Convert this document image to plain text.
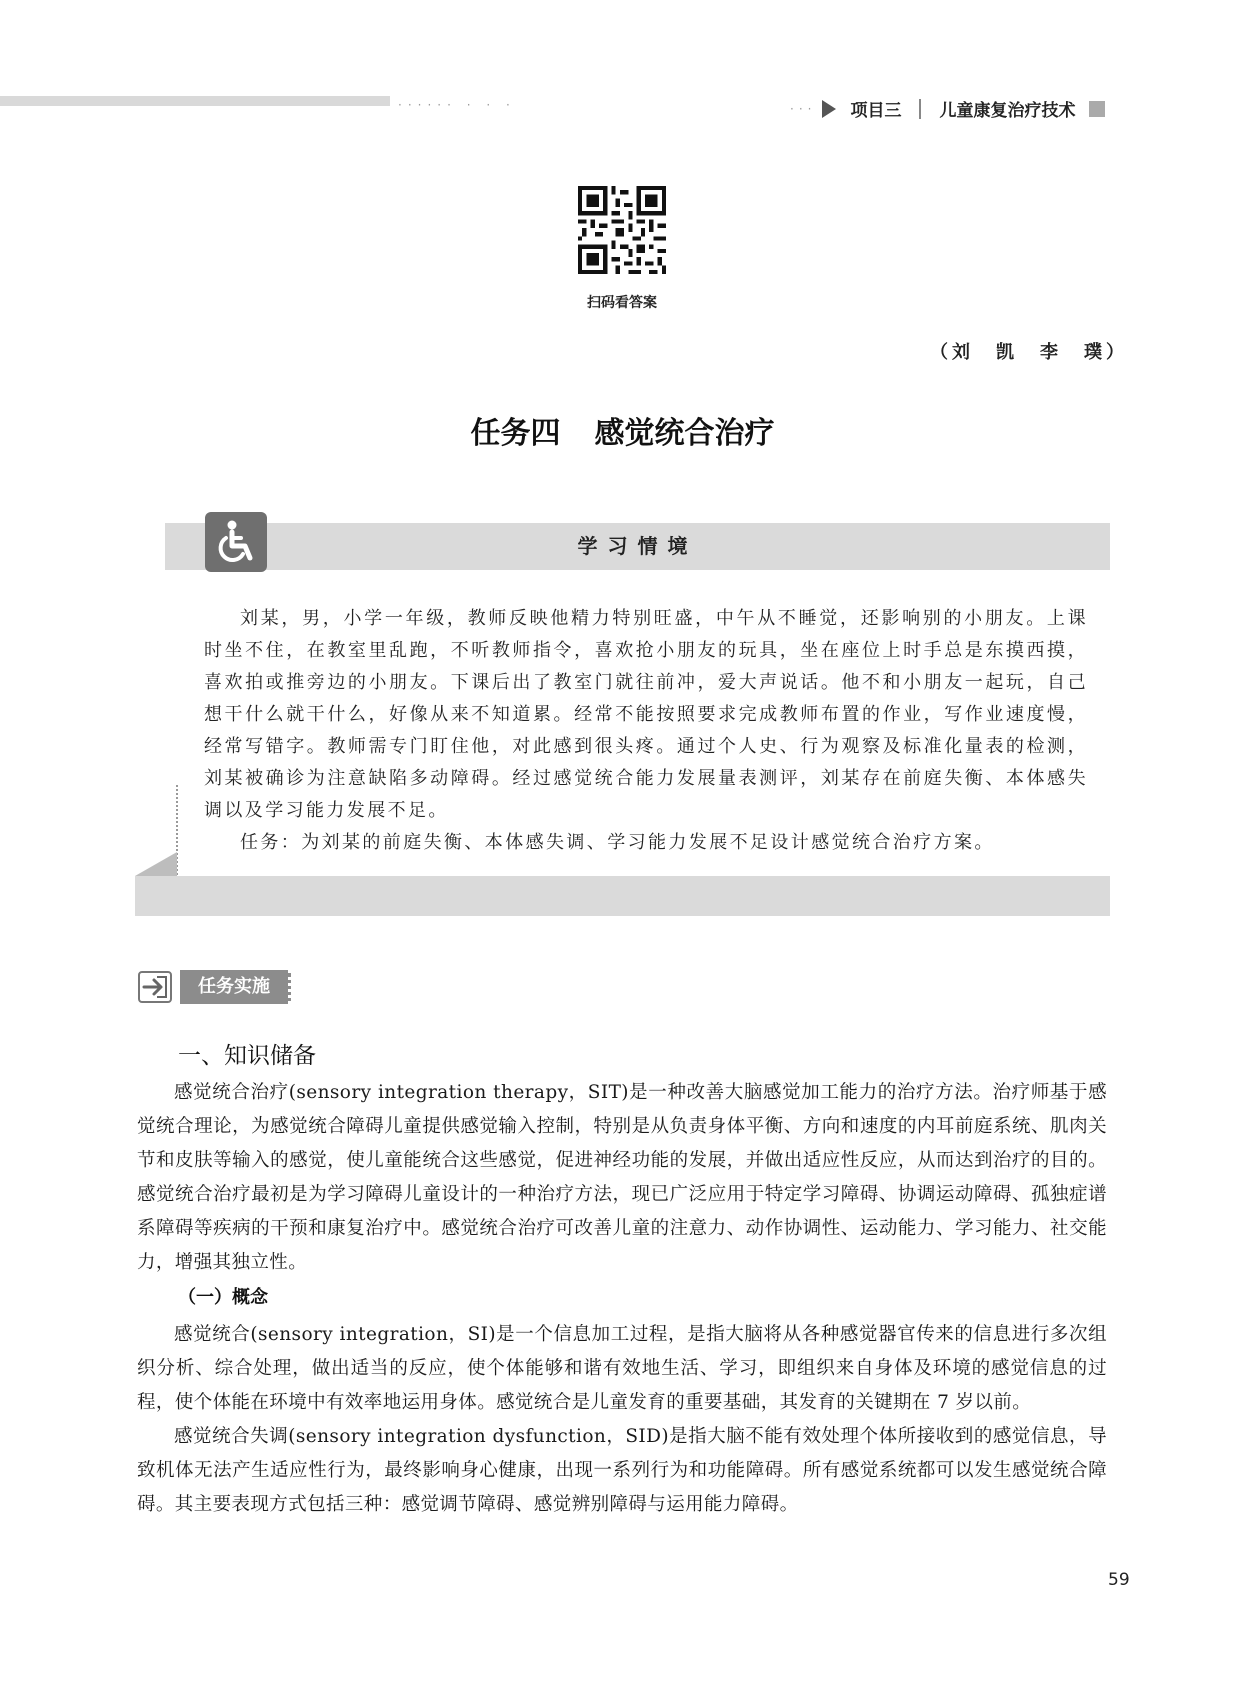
······ · · ·	··· 项目三 儿童康复治疗技术
扫码看答案
（刘　凯　李　璞）
任务四 感觉统合治疗
学习情境

刘某，男，小学一年级，教师反映他精力特别旺盛，中午从不睡觉，还影响别的小朋友。上课时坐不住，在教室里乱跑，不听教师指令，喜欢抢小朋友的玩具，坐在座位上时手总是东摸西摸，喜欢拍或推旁边的小朋友。下课后出了教室门就往前冲，爱大声说话。他不和小朋友一起玩，自己想干什么就干什么，好像从来不知道累。经常不能按照要求完成教师布置的作业，写作业速度慢，经常写错字。教师需专门盯住他，对此感到很头疼。通过个人史、行为观察及标准化量表的检测，刘某被确诊为注意缺陷多动障碍。经过感觉统合能力发展量表测评，刘某存在前庭失衡、本体感失调以及学习能力发展不足。

任务：为刘某的前庭失衡、本体感失调、学习能力发展不足设计感觉统合治疗方案。

任务实施
一、知识储备

感觉统合治疗(sensory integration therapy，SIT)是一种改善大脑感觉加工能力的治疗方法。治疗师基于感觉统合理论，为感觉统合障碍儿童提供感觉输入控制，特别是从负责身体平衡、方向和速度的内耳前庭系统、肌肉关节和皮肤等输入的感觉，使儿童能统合这些感觉，促进神经功能的发展，并做出适应性反应，从而达到治疗的目的。感觉统合治疗最初是为学习障碍儿童设计的一种治疗方法，现已广泛应用于特定学习障碍、协调运动障碍、孤独症谱系障碍等疾病的干预和康复治疗中。感觉统合治疗可改善儿童的注意力、动作协调性、运动能力、学习能力、社交能力，增强其独立性。

（一）概念

感觉统合(sensory integration，SI)是一个信息加工过程，是指大脑将从各种感觉器官传来的信息进行多次组织分析、综合处理，做出适当的反应，使个体能够和谐有效地生活、学习，即组织来自身体及环境的感觉信息的过程，使个体能在环境中有效率地运用身体。感觉统合是儿童发育的重要基础，其发育的关键期在 7 岁以前。

感觉统合失调(sensory integration dysfunction，SID)是指大脑不能有效处理个体所接收到的感觉信息，导致机体无法产生适应性行为，最终影响身心健康，出现一系列行为和功能障碍。所有感觉系统都可以发生感觉统合障碍。其主要表现方式包括三种：感觉调节障碍、感觉辨别障碍与运用能力障碍。

59
